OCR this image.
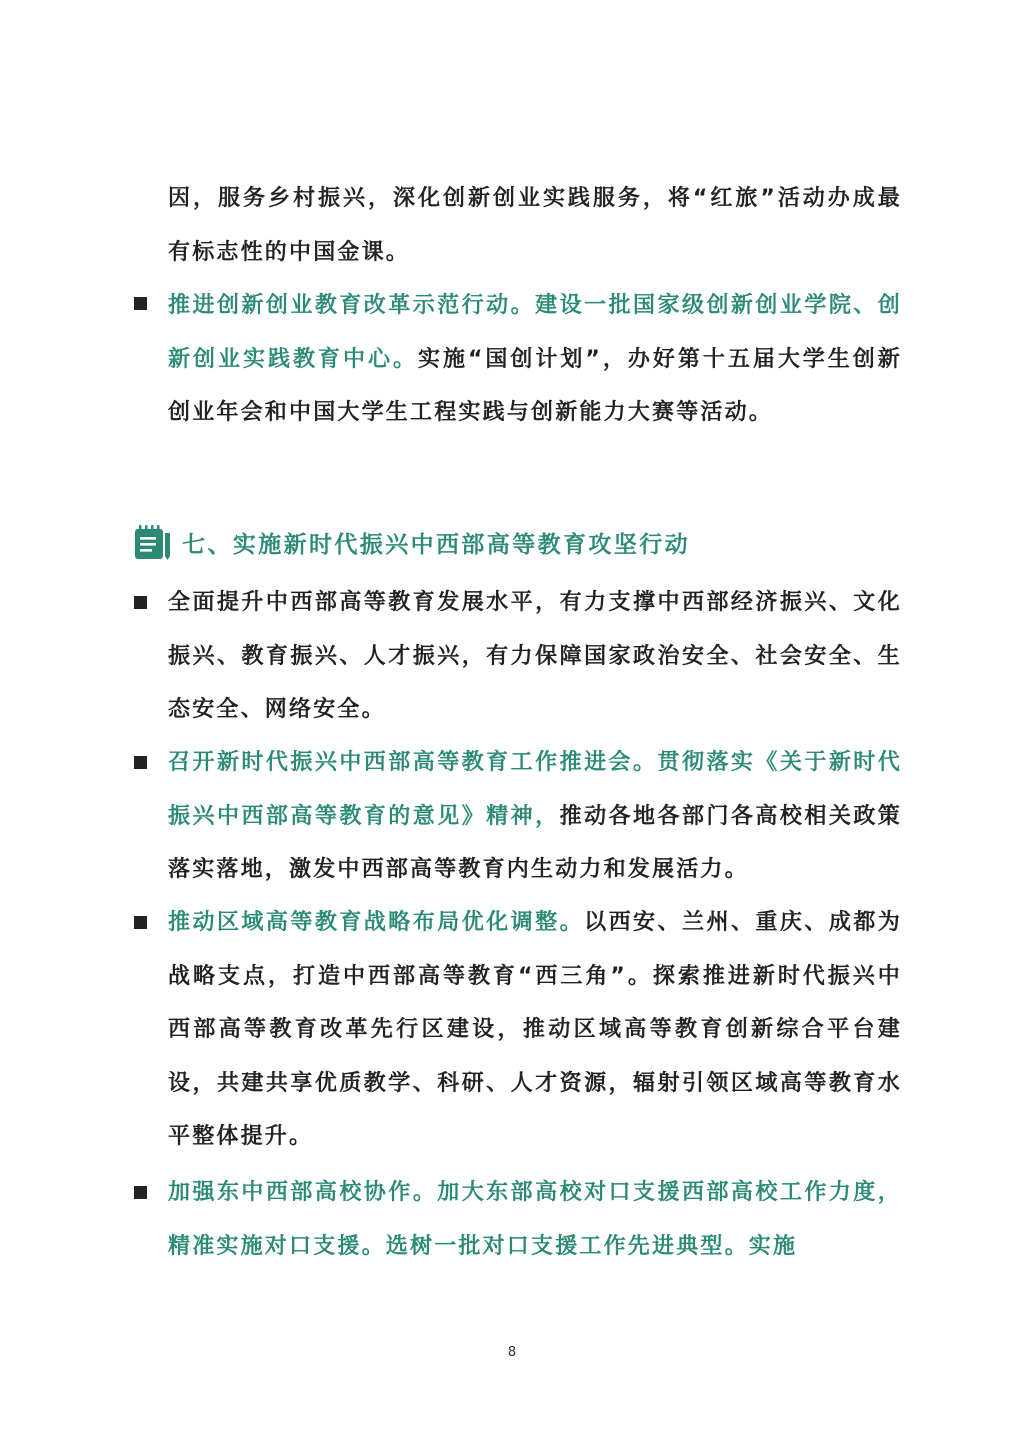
因，服务乡村振兴，深化创新创业实践服务，将“红旅”活动办成最有标志性的中国金课。
推进创新创业教育改革示范行动。建设一批国家级创新创业学院、创新创业实践教育中心。实施“国创计划”，办好第十五届大学生创新创业年会和中国大学生工程实践与创新能力大赛等活动。
七、实施新时代振兴中西部高等教育攻坚行动
全面提升中西部高等教育发展水平，有力支撑中西部经济振兴、文化振兴、教育振兴、人才振兴，有力保障国家政治安全、社会安全、生态安全、网络安全。
召开新时代振兴中西部高等教育工作推进会。贯彻落实《关于新时代振兴中西部高等教育的意见》精神，推动各地各部门各高校相关政策落实落地，激发中西部高等教育内生动力和发展活力。
推动区域高等教育战略布局优化调整。以西安、兰州、重庆、成都为战略支点，打造中西部高等教育“西三角”。探索推进新时代振兴中西部高等教育改革先行区建设，推动区域高等教育创新综合平台建设，共建共享优质教学、科研、人才资源，辐射引领区域高等教育水平整体提升。
加强东中西部高校协作。加大东部高校对口支援西部高校工作力度，精准实施对口支援。选树一批对口支援工作先进典型。实施
8
